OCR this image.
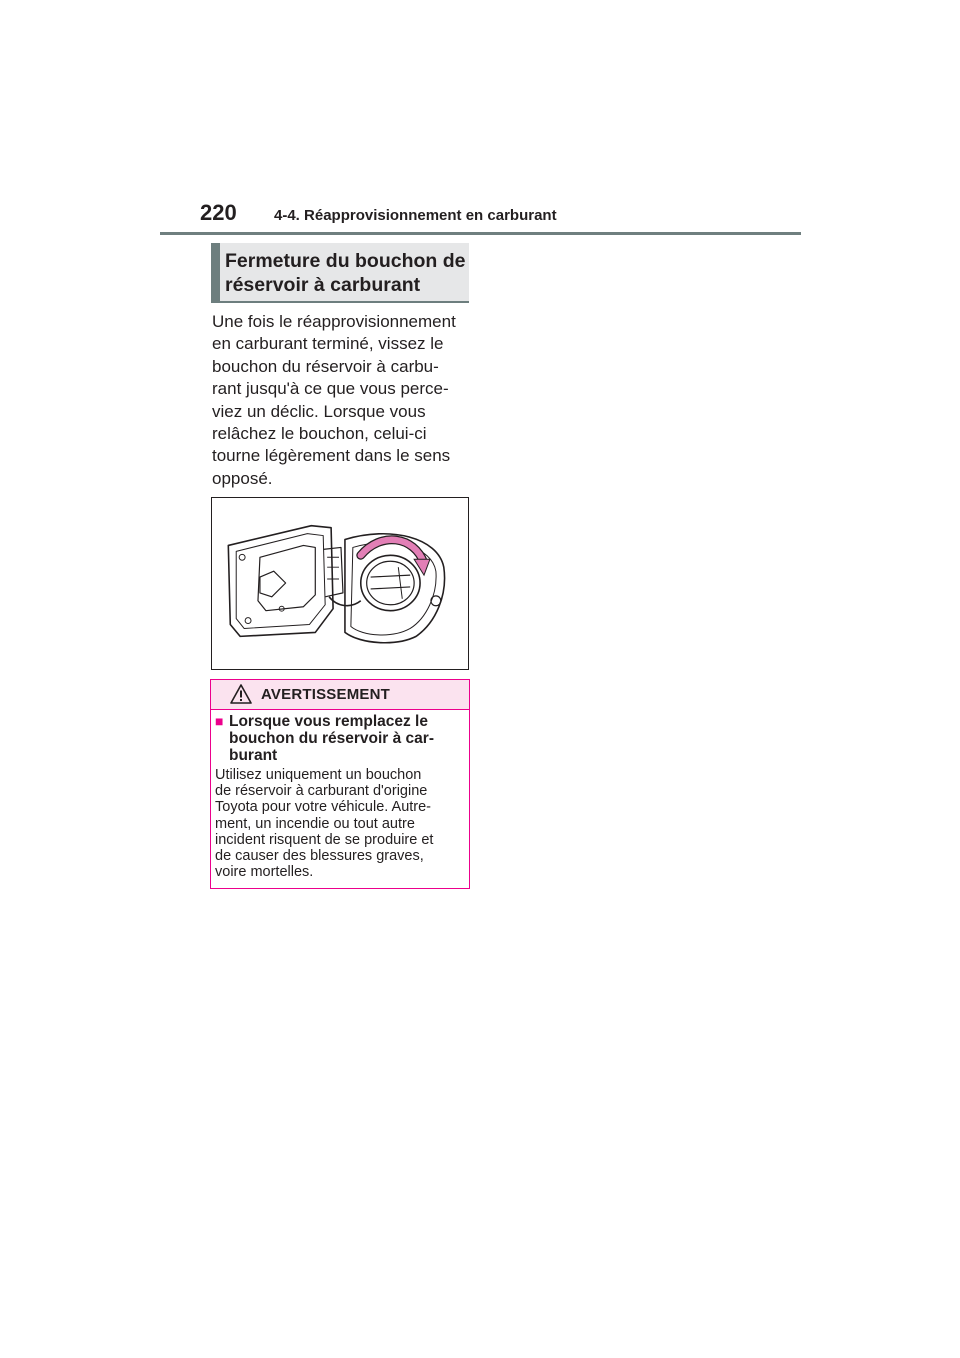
220 4-4. Réapprovisionnement en carburant
Fermeture du bouchon de
réservoir à carburant
Une fois le réapprovisionnement
en carburant terminé, vissez le
bouchon du réservoir à carbu-
rant jusqu'à ce que vous perce-
viez un déclic. Lorsque vous
relâchez le bouchon, celui-ci
tourne légèrement dans le sens
opposé.
AVERTISSEMENT
■ Lorsque vous remplacez le
bouchon du réservoir à car-
burant
Utilisez uniquement un bouchon
de réservoir à carburant d'origine
Toyota pour votre véhicule. Autre-
ment, un incendie ou tout autre
incident risquent de se produire et
de causer des blessures graves,
voire mortelles.
